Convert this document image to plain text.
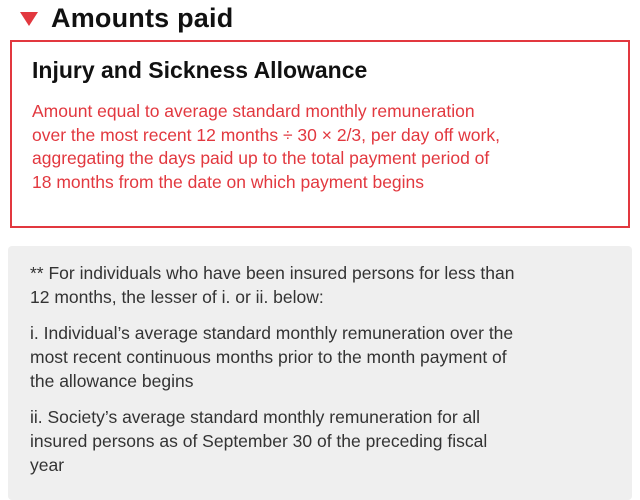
Amounts paid
Injury and Sickness Allowance
Amount equal to average standard monthly remuneration
over the most recent 12 months ÷ 30 × 2/3, per day off work,
aggregating the days paid up to the total payment period of
18 months from the date on which payment begins
** For individuals who have been insured persons for less than
12 months, the lesser of i. or ii. below:
i. Individual’s average standard monthly remuneration over the
most recent continuous months prior to the month payment of
the allowance begins
ii. Society’s average standard monthly remuneration for all
insured persons as of September 30 of the preceding fiscal
year
